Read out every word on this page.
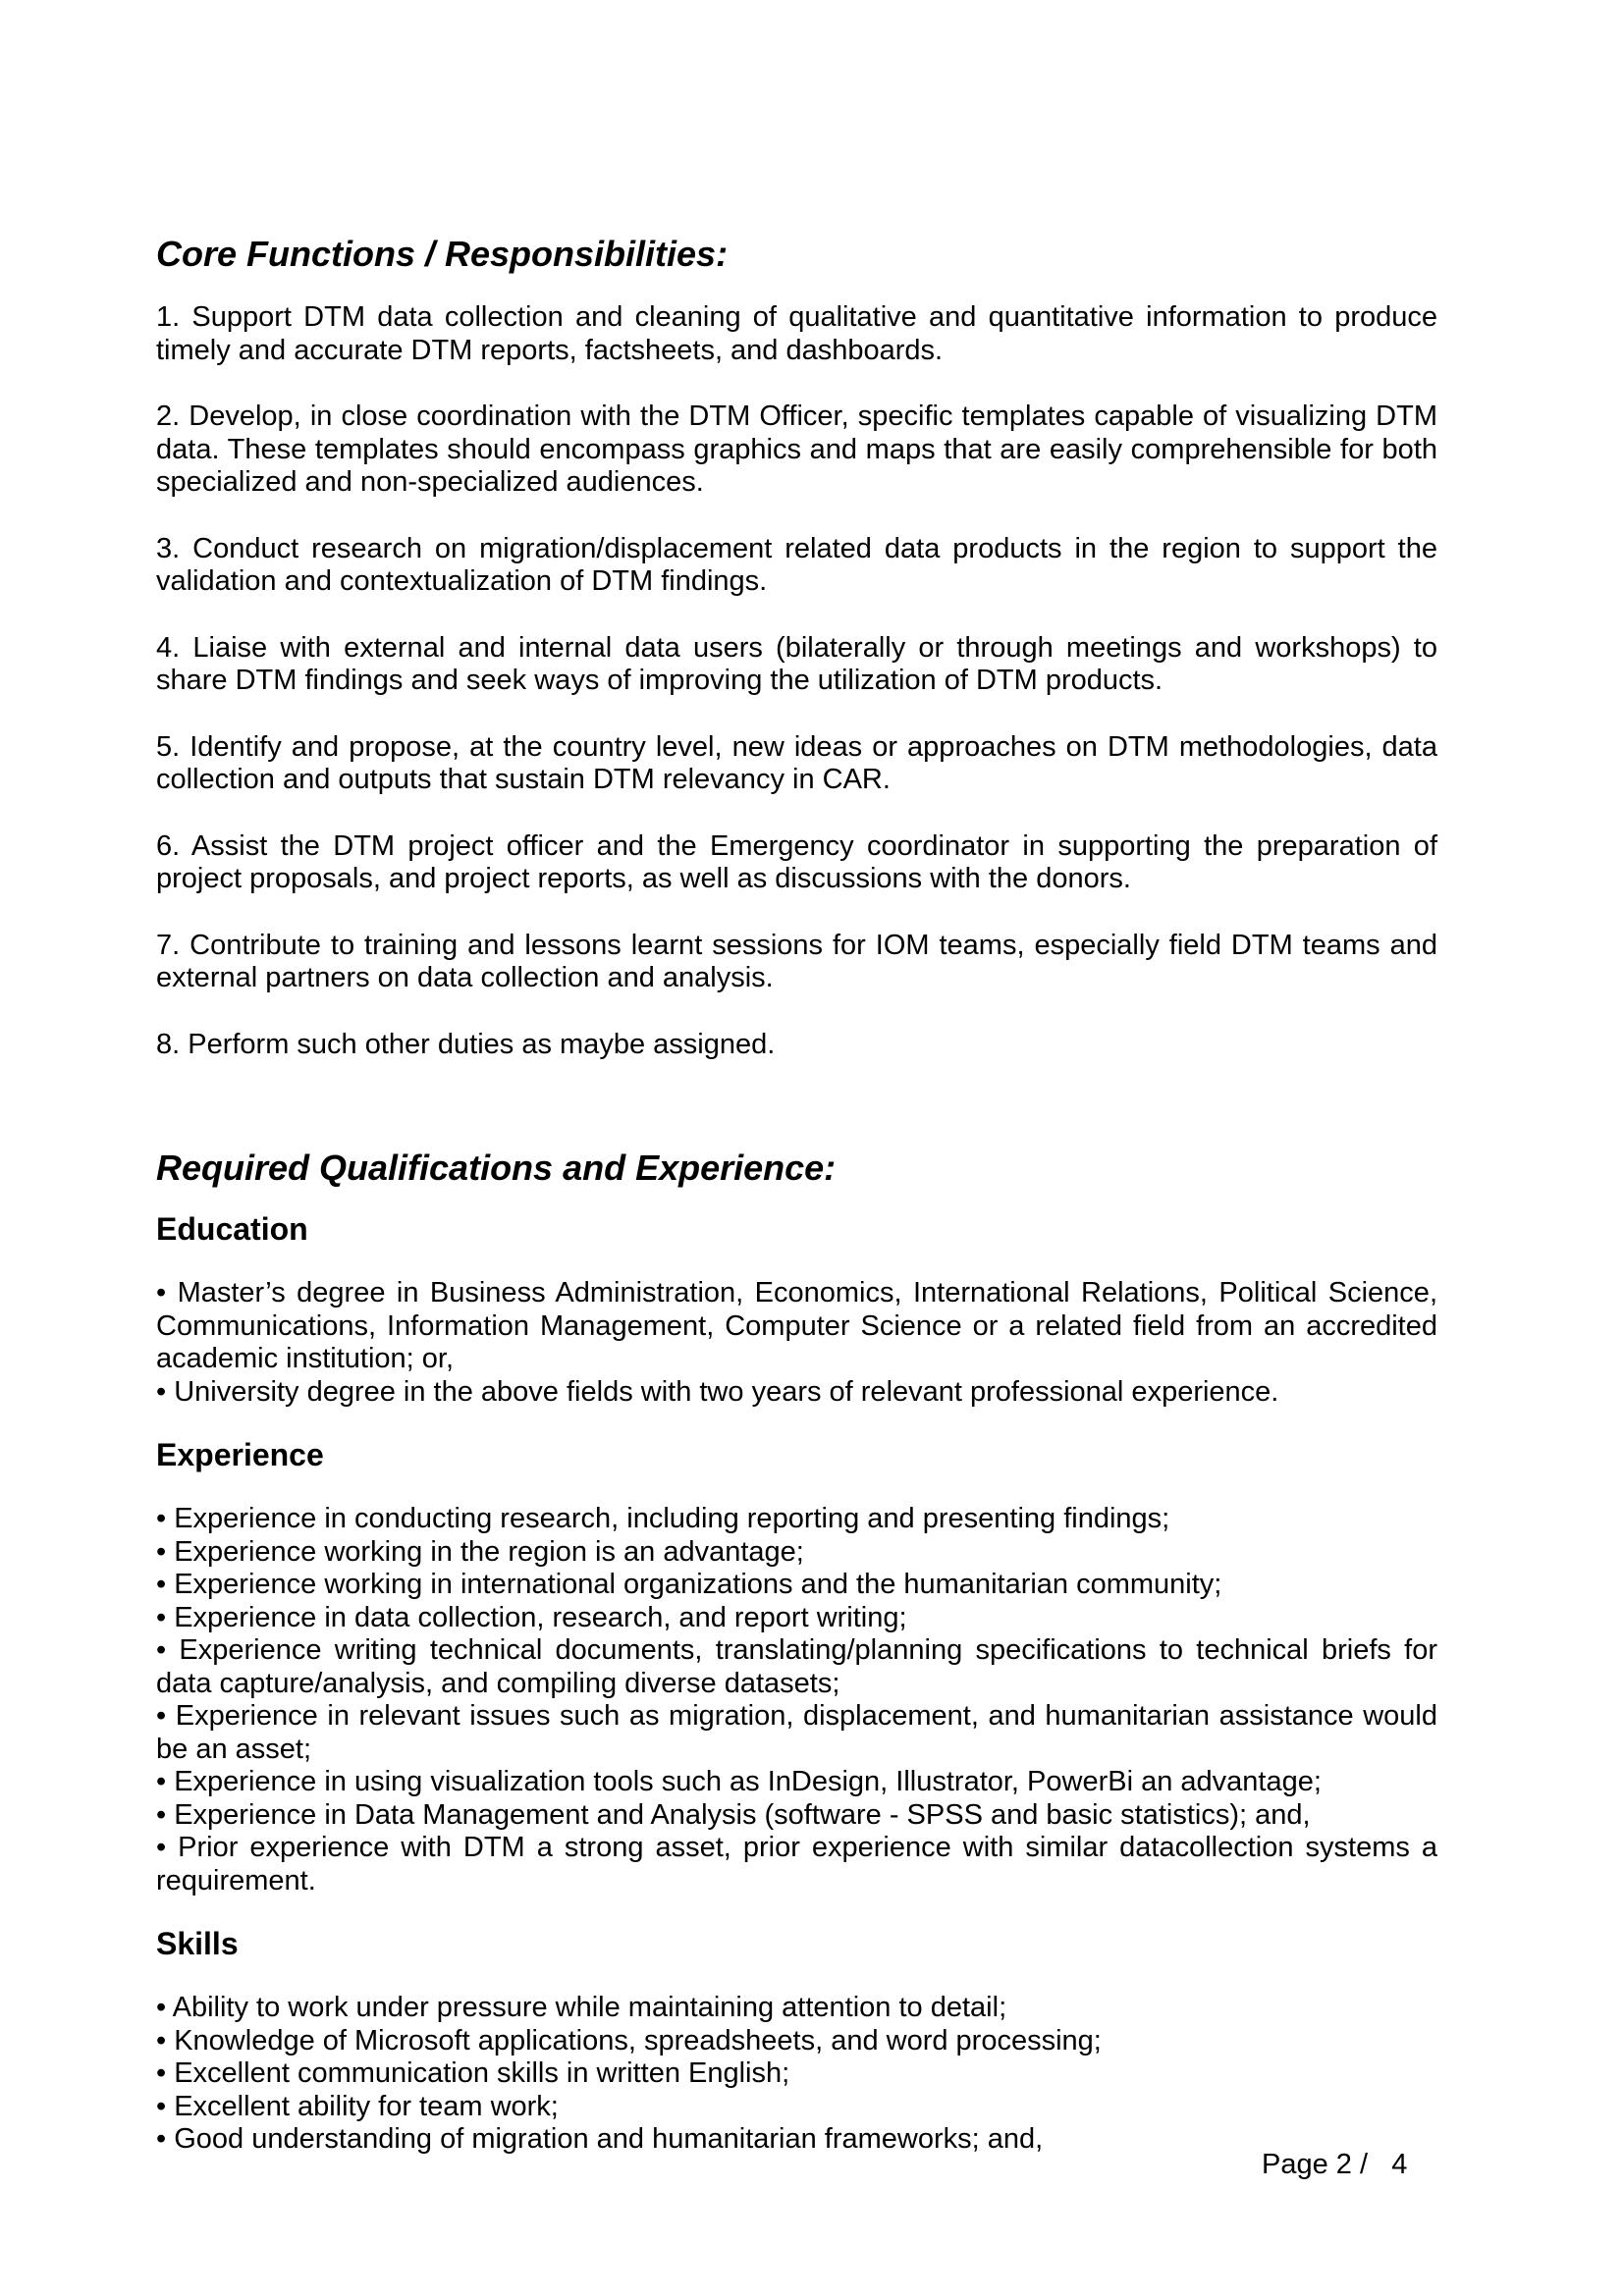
Core Functions / Responsibilities:

1. Support DTM data collection and cleaning of qualitative and quantitative information to produce timely and accurate DTM reports, factsheets, and dashboards.

2. Develop, in close coordination with the DTM Officer, specific templates capable of visualizing DTM data. These templates should encompass graphics and maps that are easily comprehensible for both specialized and non-specialized audiences.

3. Conduct research on migration/displacement related data products in the region to support the validation and contextualization of DTM findings.

4. Liaise with external and internal data users (bilaterally or through meetings and workshops) to share DTM findings and seek ways of improving the utilization of DTM products.

5. Identify and propose, at the country level, new ideas or approaches on DTM methodologies, data collection and outputs that sustain DTM relevancy in CAR.

6. Assist the DTM project officer and the Emergency coordinator in supporting the preparation of project proposals, and project reports, as well as discussions with the donors.

7. Contribute to training and lessons learnt sessions for IOM teams, especially field DTM teams and external partners on data collection and analysis.

8. Perform such other duties as maybe assigned.

Required Qualifications and Experience:
Education
• Master’s degree in Business Administration, Economics, International Relations, Political Science, Communications, Information Management, Computer Science or a related field from an accredited academic institution; or,
• University degree in the above fields with two years of relevant professional experience.
Experience
• Experience in conducting research, including reporting and presenting findings;
• Experience working in the region is an advantage;
• Experience working in international organizations and the humanitarian community;
• Experience in data collection, research, and report writing;
• Experience writing technical documents, translating/planning specifications to technical briefs for data capture/analysis, and compiling diverse datasets;
• Experience in relevant issues such as migration, displacement, and humanitarian assistance would be an asset;
• Experience in using visualization tools such as InDesign, Illustrator, PowerBi an advantage;
• Experience in Data Management and Analysis (software - SPSS and basic statistics); and,
• Prior experience with DTM a strong asset, prior experience with similar datacollection systems a requirement.
Skills
• Ability to work under pressure while maintaining attention to detail;
• Knowledge of Microsoft applications, spreadsheets, and word processing;
• Excellent communication skills in written English;
• Excellent ability for team work;
• Good understanding of migration and humanitarian frameworks; and,
Page 2 /   4
